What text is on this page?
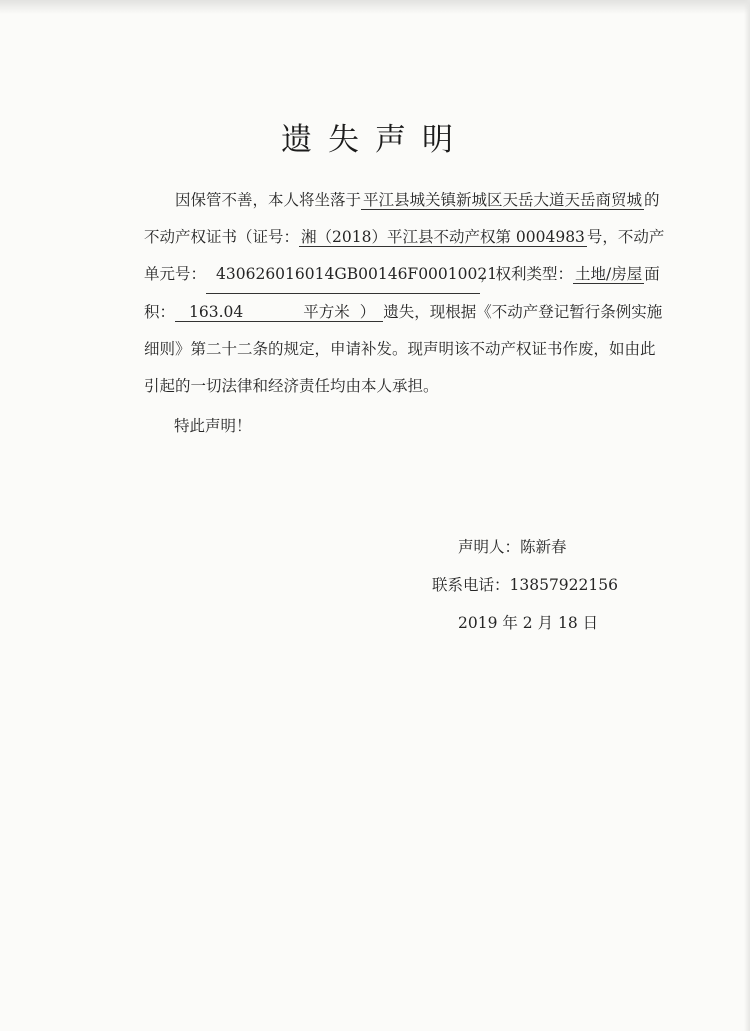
遗失声明
因保管不善，本人将坐落于 平江县城关镇新城区天岳大道天岳商贸城 的不动产权证书（证号： 湘（2018）平江县不动产权第 0004983 号，不动产单元号： 430626016014GB00146F00010021，权利类型： 土地/房屋 面积： 163.04	平方米 ） 遗失，现根据《不动产登记暂行条例实施细则》第二十二条的规定，申请补发。现声明该不动产权证书作废，如由此引起的一切法律和经济责任均由本人承担。
特此声明！
声明人：陈新春
联系电话：13857922156
2019 年 2 月 18 日
